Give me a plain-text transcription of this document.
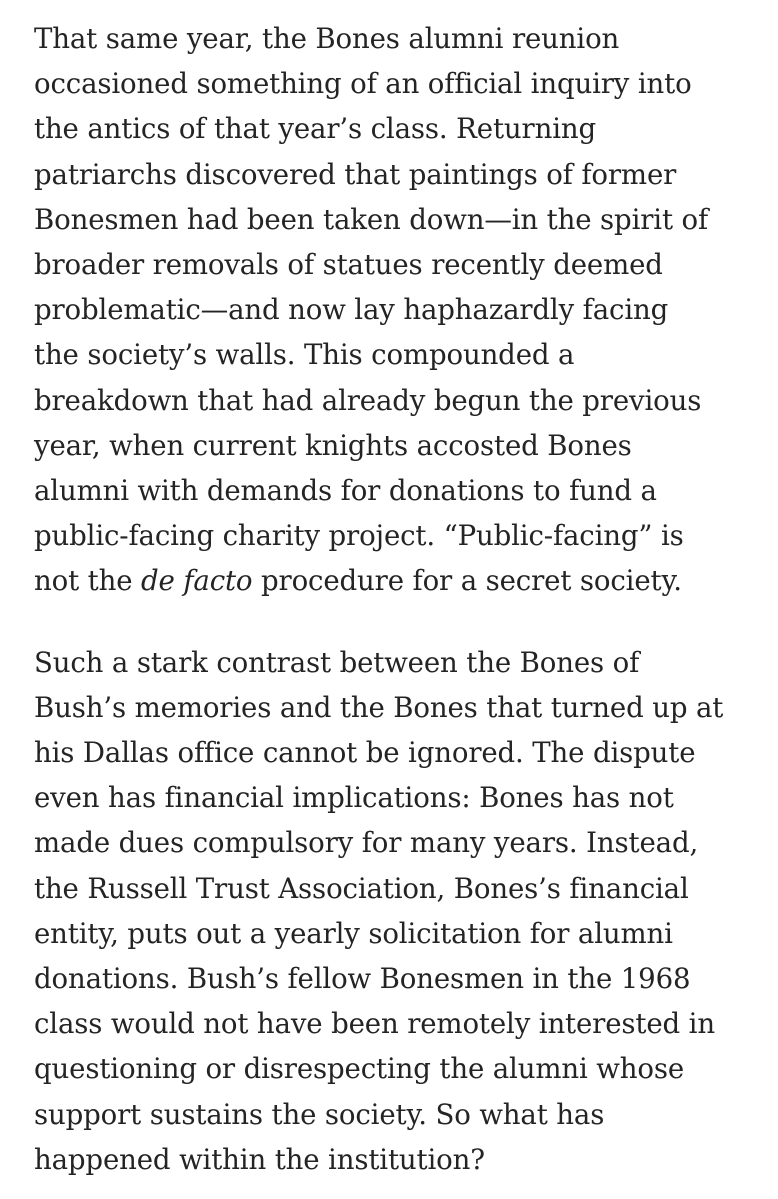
That same year, the Bones alumni reunion
occasioned something of an official inquiry into
the antics of that year’s class. Returning
patriarchs discovered that paintings of former
Bonesmen had been taken down—in the spirit of
broader removals of statues recently deemed
problematic—and now lay haphazardly facing
the society’s walls. This compounded a
breakdown that had already begun the previous
year, when current knights accosted Bones
alumni with demands for donations to fund a
public-facing charity project. “Public-facing” is
not the de facto procedure for a secret society.

Such a stark contrast between the Bones of
Bush’s memories and the Bones that turned up at
his Dallas office cannot be ignored. The dispute
even has financial implications: Bones has not
made dues compulsory for many years. Instead,
the Russell Trust Association, Bones’s financial
entity, puts out a yearly solicitation for alumni
donations. Bush’s fellow Bonesmen in the 1968
class would not have been remotely interested in
questioning or disrespecting the alumni whose
support sustains the society. So what has
happened within the institution?
